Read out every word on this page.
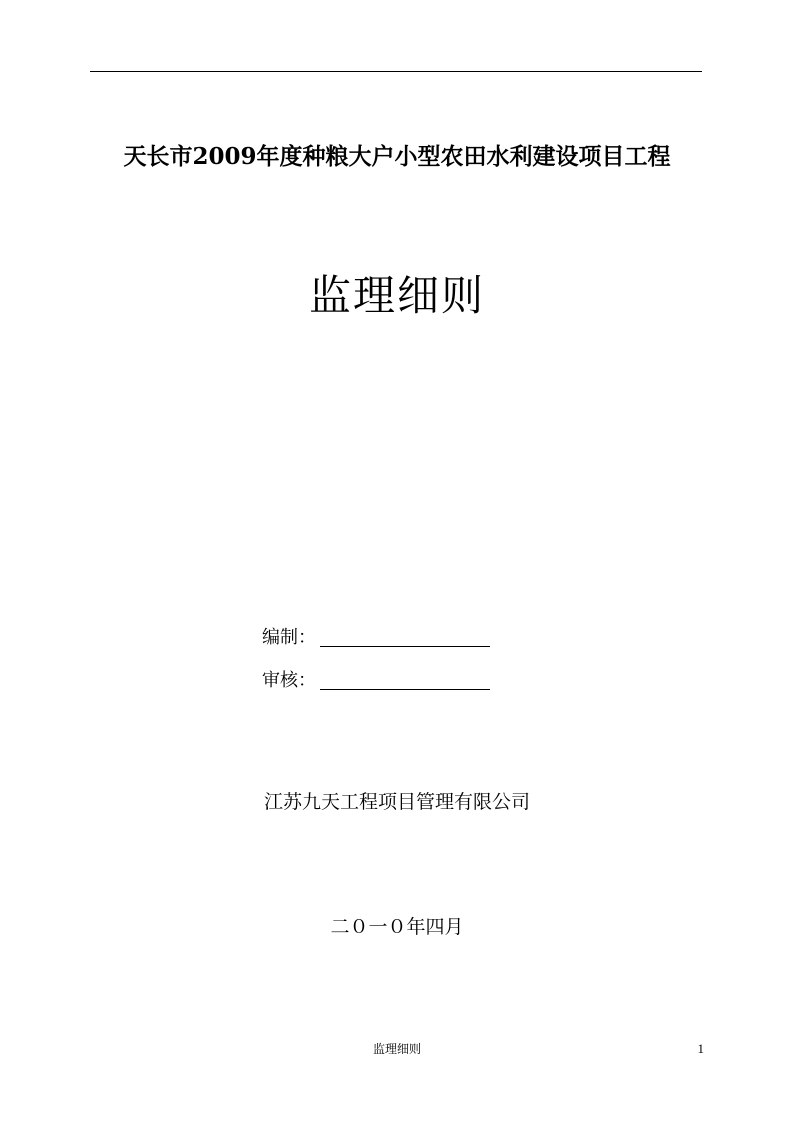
天长市2009年度种粮大户小型农田水利建设项目工程
监理细则
编制：
审核：
江苏九天工程项目管理有限公司
二０一０年四月
监理细则	1
